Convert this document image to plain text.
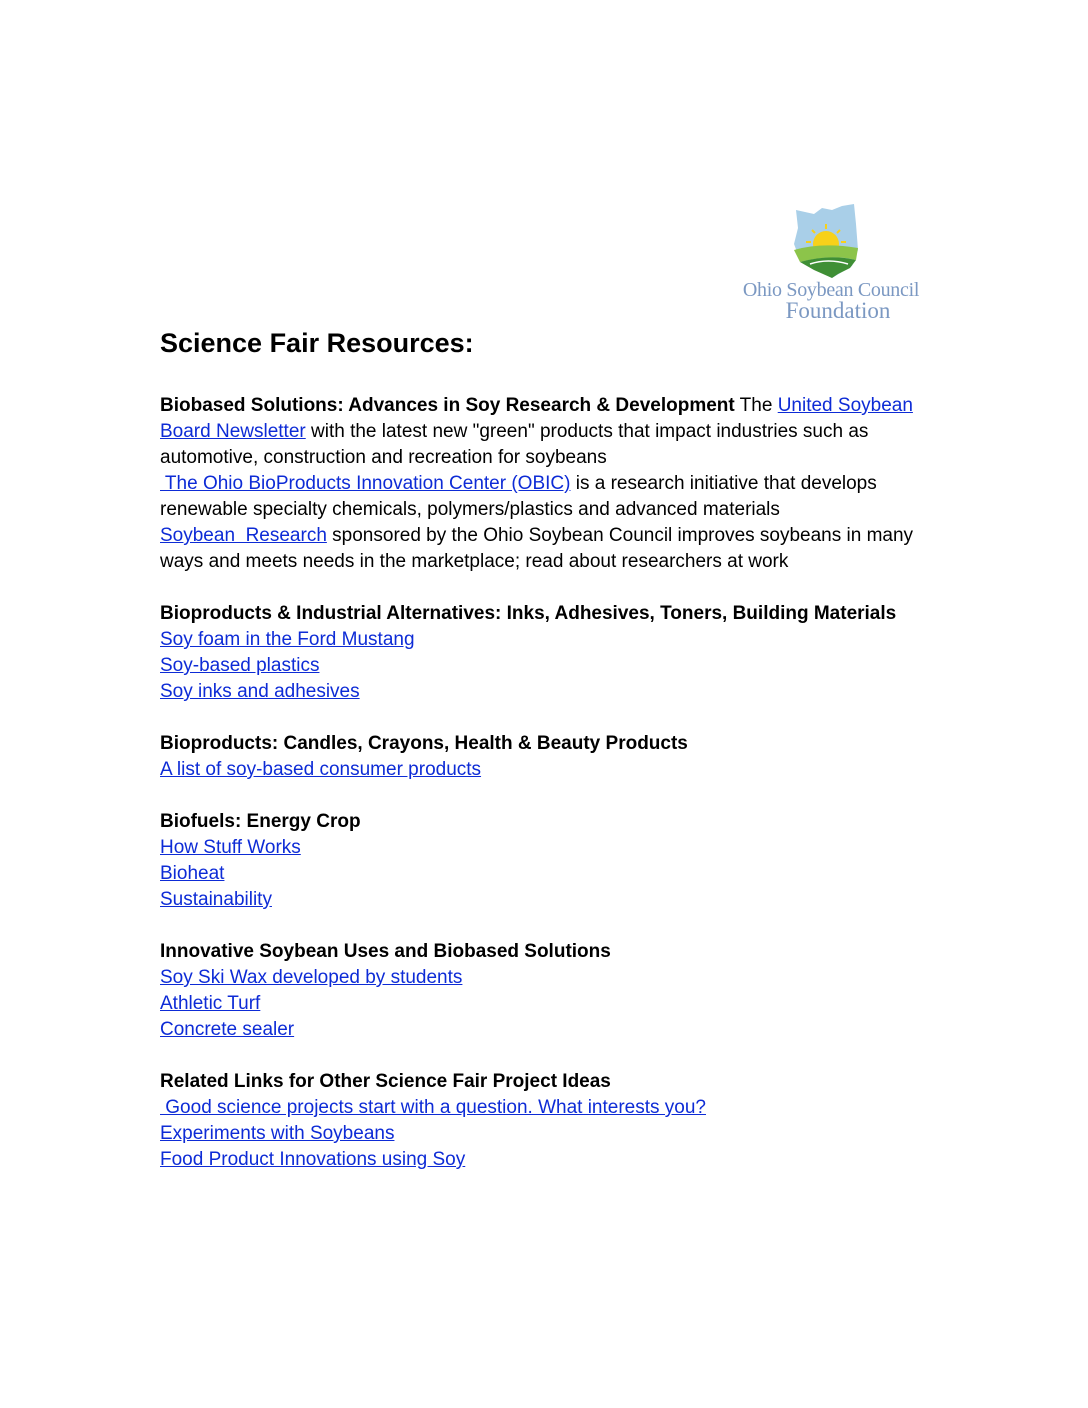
Ohio Soybean Council
Foundation
Science Fair Resources:
Biobased Solutions: Advances in Soy Research & Development The United Soybean
Board Newsletter with the latest new "green" products that impact industries such as
automotive, construction and recreation for soybeans
The Ohio BioProducts Innovation Center (OBIC) is a research initiative that develops
renewable specialty chemicals, polymers/plastics and advanced materials
Soybean  Research sponsored by the Ohio Soybean Council improves soybeans in many
ways and meets needs in the marketplace; read about researchers at work
Bioproducts & Industrial Alternatives: Inks, Adhesives, Toners, Building Materials
Soy foam in the Ford Mustang
Soy-based plastics
Soy inks and adhesives
Bioproducts: Candles, Crayons, Health & Beauty Products
A list of soy-based consumer products
Biofuels: Energy Crop
How Stuff Works
Bioheat
Sustainability
Innovative Soybean Uses and Biobased Solutions
Soy Ski Wax developed by students
Athletic Turf
Concrete sealer
Related Links for Other Science Fair Project Ideas
Good science projects start with a question. What interests you?
Experiments with Soybeans
Food Product Innovations using Soy
